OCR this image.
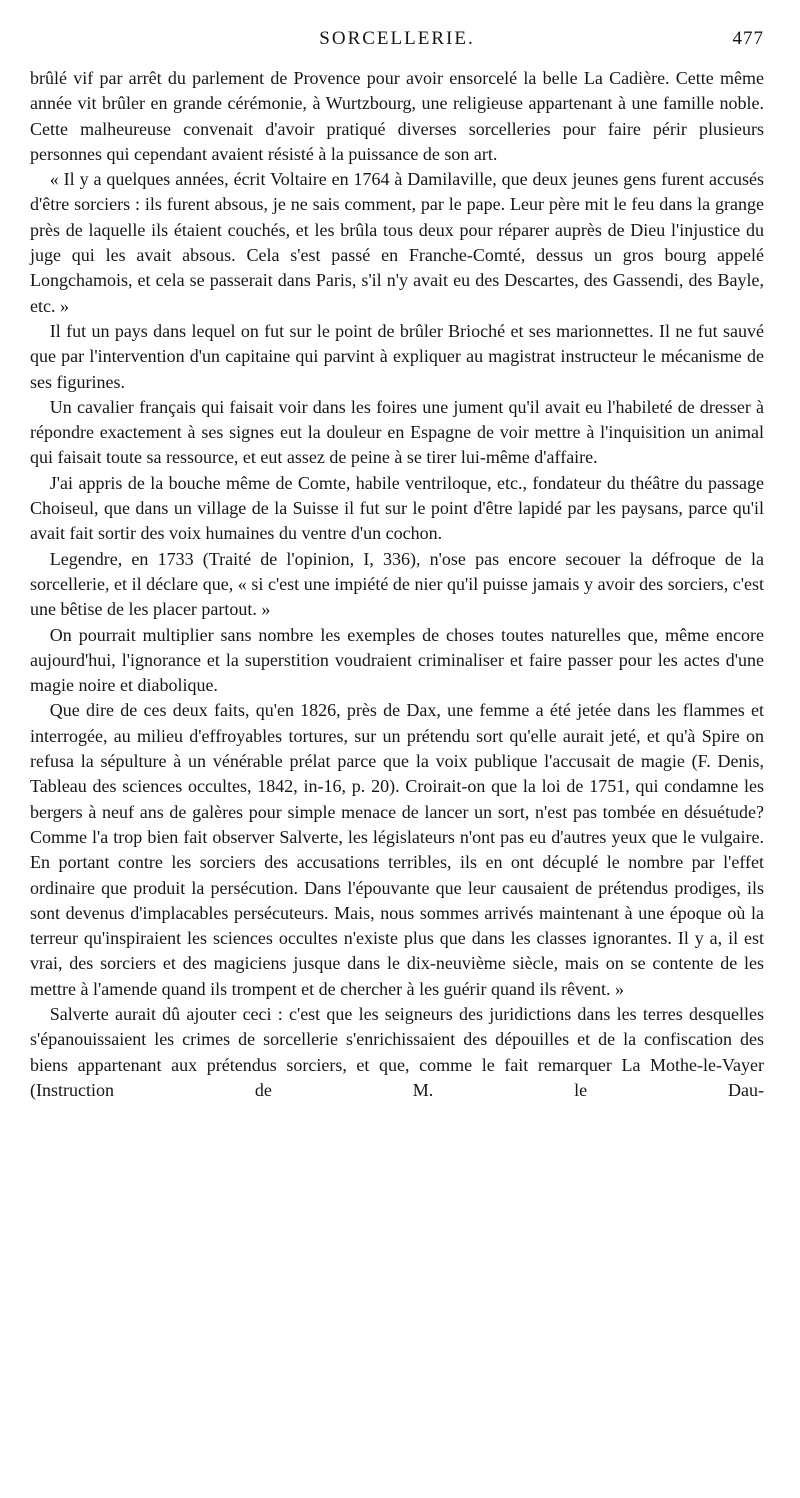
SORCELLERIE.	477

brûlé vif par arrêt du parlement de Provence pour avoir ensorcelé la belle La Cadière. Cette même année vit brûler en grande cérémonie, à Wurtzbourg, une religieuse appartenant à une famille noble. Cette malheureuse convenait d'avoir pratiqué diverses sorcelleries pour faire périr plusieurs personnes qui cependant avaient résisté à la puissance de son art.

« Il y a quelques années, écrit Voltaire en 1764 à Damilaville, que deux jeunes gens furent accusés d'être sorciers : ils furent absous, je ne sais comment, par le pape. Leur père mit le feu dans la grange près de laquelle ils étaient couchés, et les brûla tous deux pour réparer auprès de Dieu l'injustice du juge qui les avait absous. Cela s'est passé en Franche-Comté, dessus un gros bourg appelé Longchamois, et cela se passerait dans Paris, s'il n'y avait eu des Descartes, des Gassendi, des Bayle, etc. »

Il fut un pays dans lequel on fut sur le point de brûler Brioché et ses marionnettes. Il ne fut sauvé que par l'intervention d'un capitaine qui parvint à expliquer au magistrat instructeur le mécanisme de ses figurines.

Un cavalier français qui faisait voir dans les foires une jument qu'il avait eu l'habileté de dresser à répondre exactement à ses signes eut la douleur en Espagne de voir mettre à l'inquisition un animal qui faisait toute sa ressource, et eut assez de peine à se tirer lui-même d'affaire.

J'ai appris de la bouche même de Comte, habile ventriloque, etc., fondateur du théâtre du passage Choiseul, que dans un village de la Suisse il fut sur le point d'être lapidé par les paysans, parce qu'il avait fait sortir des voix humaines du ventre d'un cochon.

Legendre, en 1733 (Traité de l'opinion, I, 336), n'ose pas encore secouer la défroque de la sorcellerie, et il déclare que, « si c'est une impiété de nier qu'il puisse jamais y avoir des sorciers, c'est une bêtise de les placer partout. »

On pourrait multiplier sans nombre les exemples de choses toutes naturelles que, même encore aujourd'hui, l'ignorance et la superstition voudraient criminaliser et faire passer pour les actes d'une magie noire et diabolique.

Que dire de ces deux faits, qu'en 1826, près de Dax, une femme a été jetée dans les flammes et interrogée, au milieu d'effroyables tortures, sur un prétendu sort qu'elle aurait jeté, et qu'à Spire on refusa la sépulture à un vénérable prélat parce que la voix publique l'accusait de magie (F. Denis, Tableau des sciences occultes, 1842, in-16, p. 20). Croirait-on que la loi de 1751, qui condamne les bergers à neuf ans de galères pour simple menace de lancer un sort, n'est pas tombée en désuétude? Comme l'a trop bien fait observer Salverte, les législateurs n'ont pas eu d'autres yeux que le vulgaire. En portant contre les sorciers des accusations terribles, ils en ont décuplé le nombre par l'effet ordinaire que produit la persécution. Dans l'épouvante que leur causaient de prétendus prodiges, ils sont devenus d'implacables persécuteurs. Mais, nous sommes arrivés maintenant à une époque où la terreur qu'inspiraient les sciences occultes n'existe plus que dans les classes ignorantes. Il y a, il est vrai, des sorciers et des magiciens jusque dans le dix-neuvième siècle, mais on se contente de les mettre à l'amende quand ils trompent et de chercher à les guérir quand ils rêvent. »

Salverte aurait dû ajouter ceci : c'est que les seigneurs des juridictions dans les terres desquelles s'épanouissaient les crimes de sorcellerie s'enrichissaient des dépouilles et de la confiscation des biens appartenant aux prétendus sorciers, et que, comme le fait remarquer La Mothe-le-Vayer (Instruction de M. le Dau-
